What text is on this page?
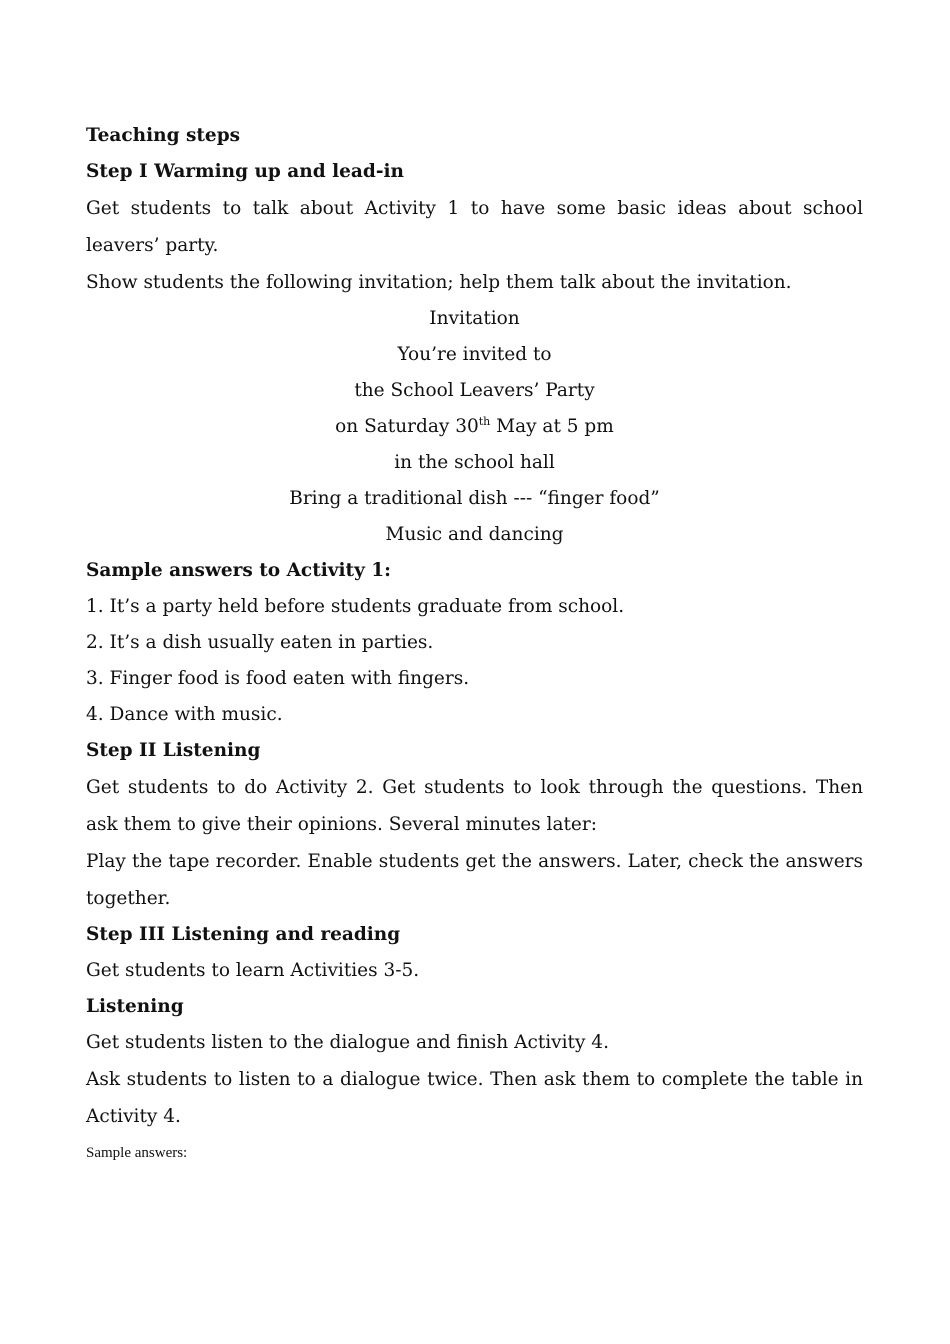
Teaching steps

Step I Warming up and lead-in

Get students to talk about Activity 1 to have some basic ideas about school leavers’ party.

Show students the following invitation; help them talk about the invitation.

Invitation

You’re invited to

the School Leavers’ Party

on Saturday 30th May at 5 pm

in the school hall

Bring a traditional dish --- “finger food”

Music and dancing

Sample answers to Activity 1:

1. It’s a party held before students graduate from school.

2. It’s a dish usually eaten in parties.

3. Finger food is food eaten with fingers.

4. Dance with music.

Step II Listening

Get students to do Activity 2. Get students to look through the questions. Then ask them to give their opinions. Several minutes later:

Play the tape recorder. Enable students get the answers. Later, check the answers together.

Step III Listening and reading

Get students to learn Activities 3-5.

Listening

Get students listen to the dialogue and finish Activity 4.

Ask students to listen to a dialogue twice. Then ask them to complete the table in Activity 4.

Sample answers:
